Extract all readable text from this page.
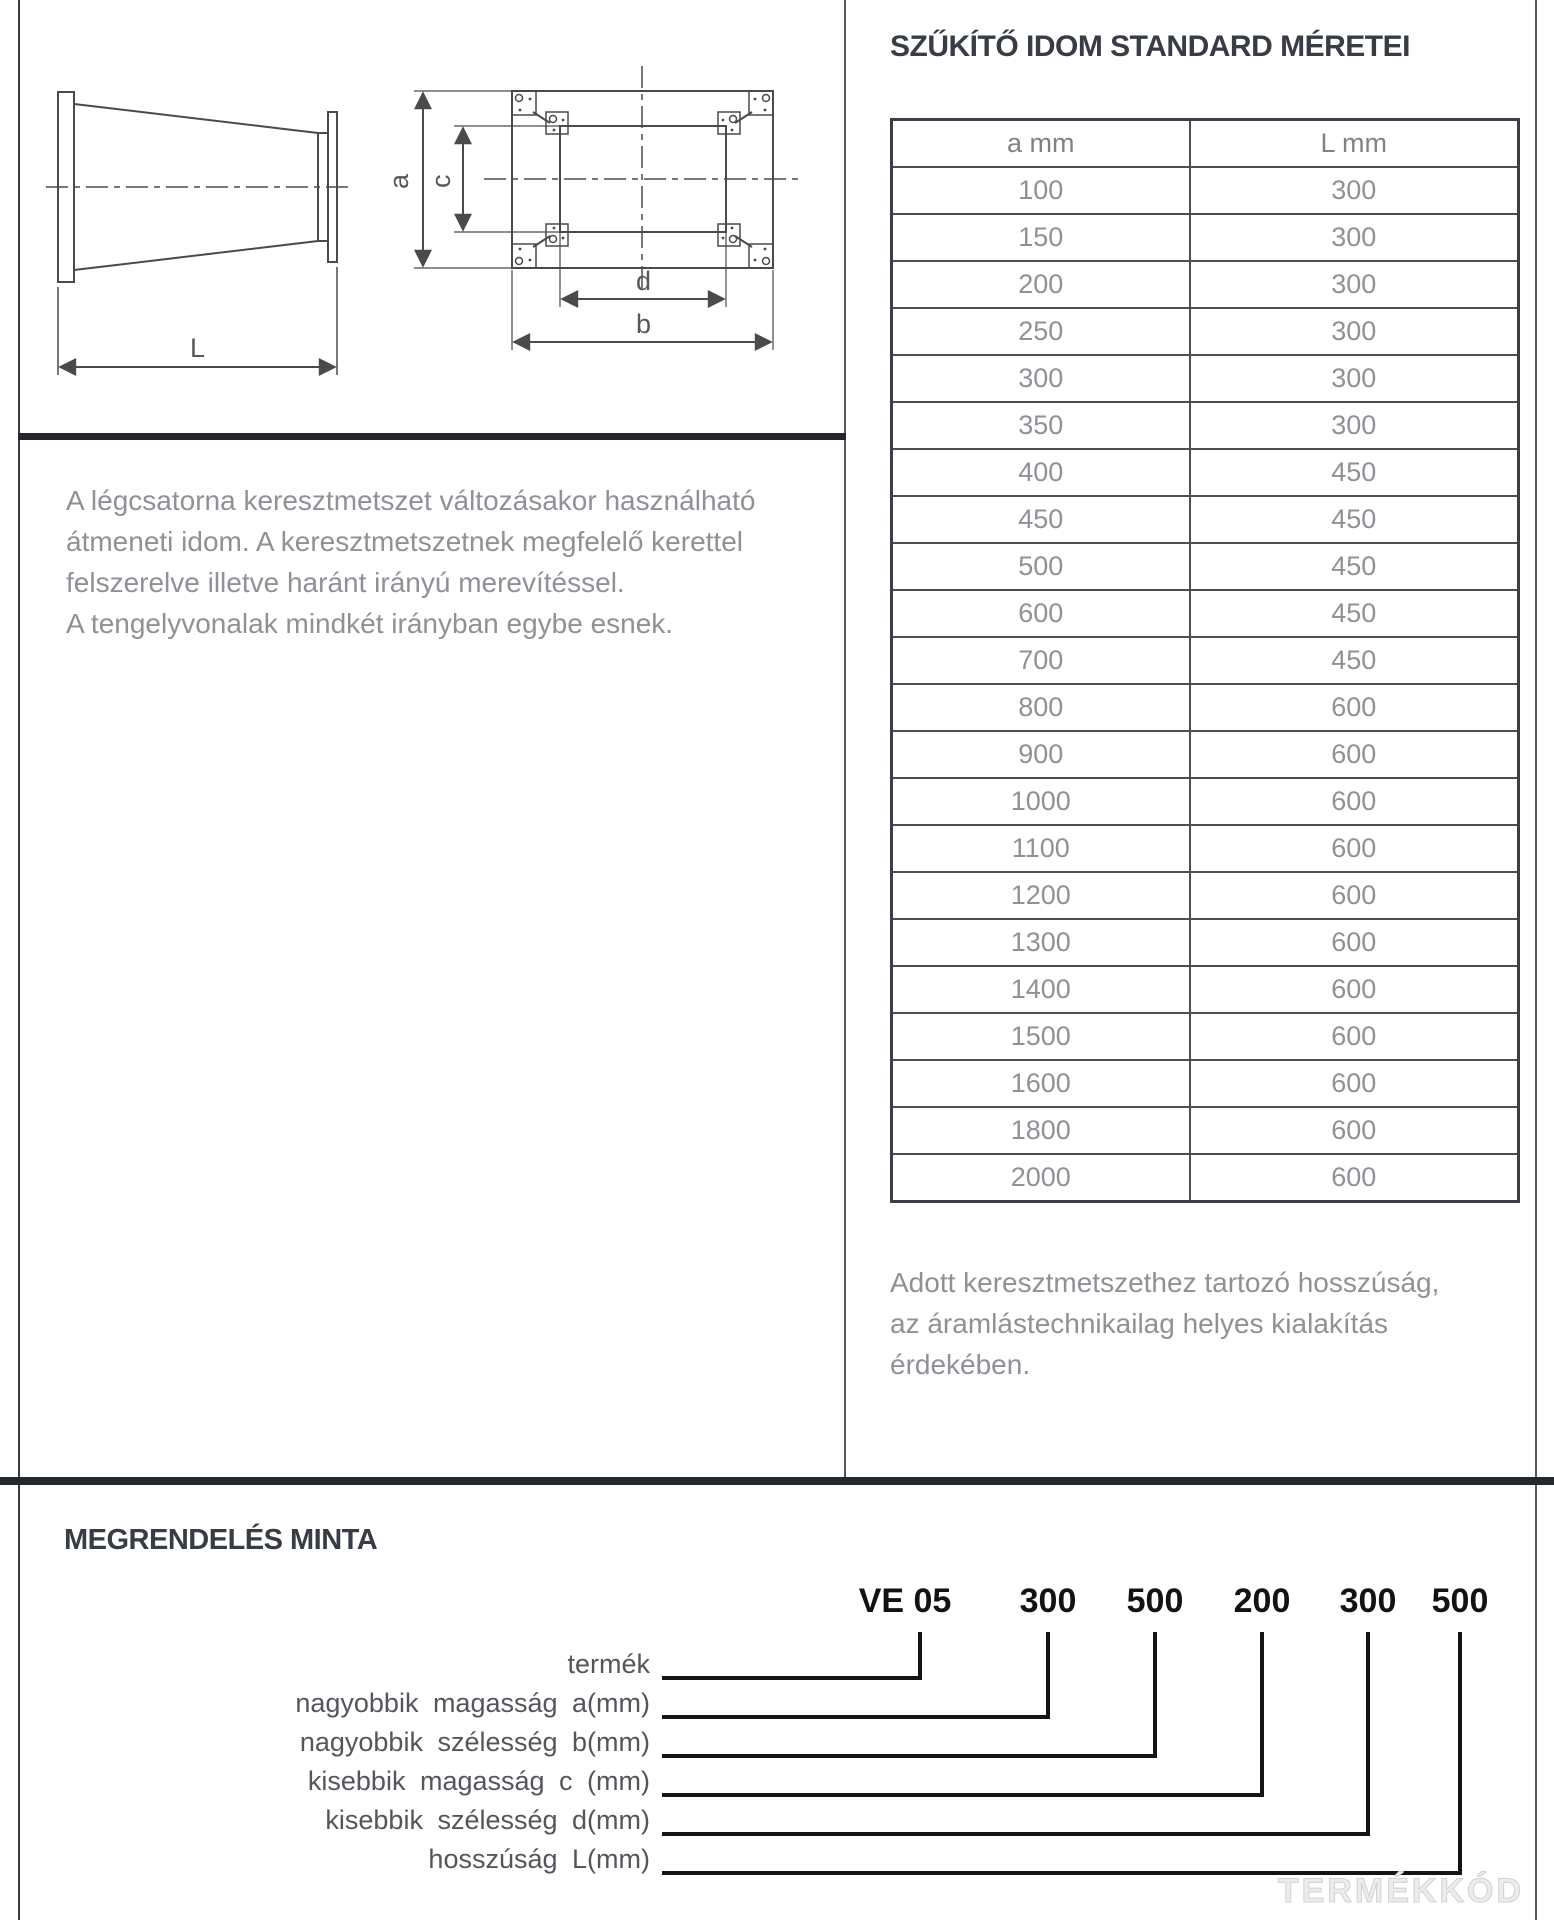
L
a c
d
b
SZŰKÍTŐ IDOM STANDARD MÉRETEI
a mm	L mm
100	300
150	300
200	300
250	300
300	300
350	300
400	450
450	450
500	450
600	450
700	450
800	600
900	600
1000	600
1100	600
1200	600
1300	600
1400	600
1500	600
1600	600
1800	600
2000	600
Adott keresztmetszethez tartozó hosszúság,
az áramlástechnikailag helyes kialakítás
érdekében.
A légcsatorna keresztmetszet változásakor használható
átmeneti idom. A keresztmetszetnek megfelelő kerettel
felszerelve illetve haránt irányú merevítéssel.
A tengelyvonalak mindkét irányban egybe esnek.
MEGRENDELÉS MINTA
VE 05 300 500 200 300 500
termék
nagyobbik magasság a(mm)
nagyobbik szélesség b(mm)
kisebbik magasság c (mm)
kisebbik szélesség d(mm)
hosszúság L(mm)
TERMÉKKÓD
